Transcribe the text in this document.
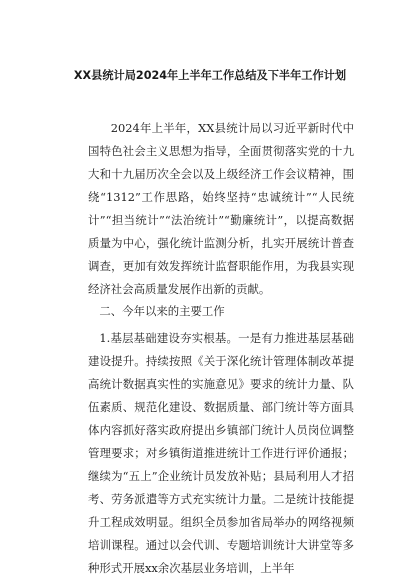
XX县统计局2024年上半年工作总结及下半年工作计划

2024年上半年，XX县统计局以习近平新时代中国特色社会主义思想为指导，全面贯彻落实党的十九大和十九届历次全会以及上级经济工作会议精神，围绕“1312”工作思路，始终坚持“忠诚统计”“人民统计”“担当统计”“法治统计”“勤廉统计”，以提高数据质量为中心，强化统计监测分析，扎实开展统计普查调查，更加有效发挥统计监督职能作用，为我县实现经济社会高质量发展作出新的贡献。

二、今年以来的主要工作

1.基层基础建设夯实根基。一是有力推进基层基础建设提升。持续按照《关于深化统计管理体制改革提高统计数据真实性的实施意见》要求的统计力量、队伍素质、规范化建设、数据质量、部门统计等方面具体内容抓好落实政府提出乡镇部门统计人员岗位调整管理要求；对乡镇街道推进统计工作进行评价通报；继续为“五上”企业统计员发放补贴；县局利用人才招考、劳务派遣等方式充实统计力量。二是统计技能提升工程成效明显。组织全员参加省局举办的网络视频培训课程。通过以会代训、专题培训统计大讲堂等多种形式开展xx余次基层业务培训，上半年
